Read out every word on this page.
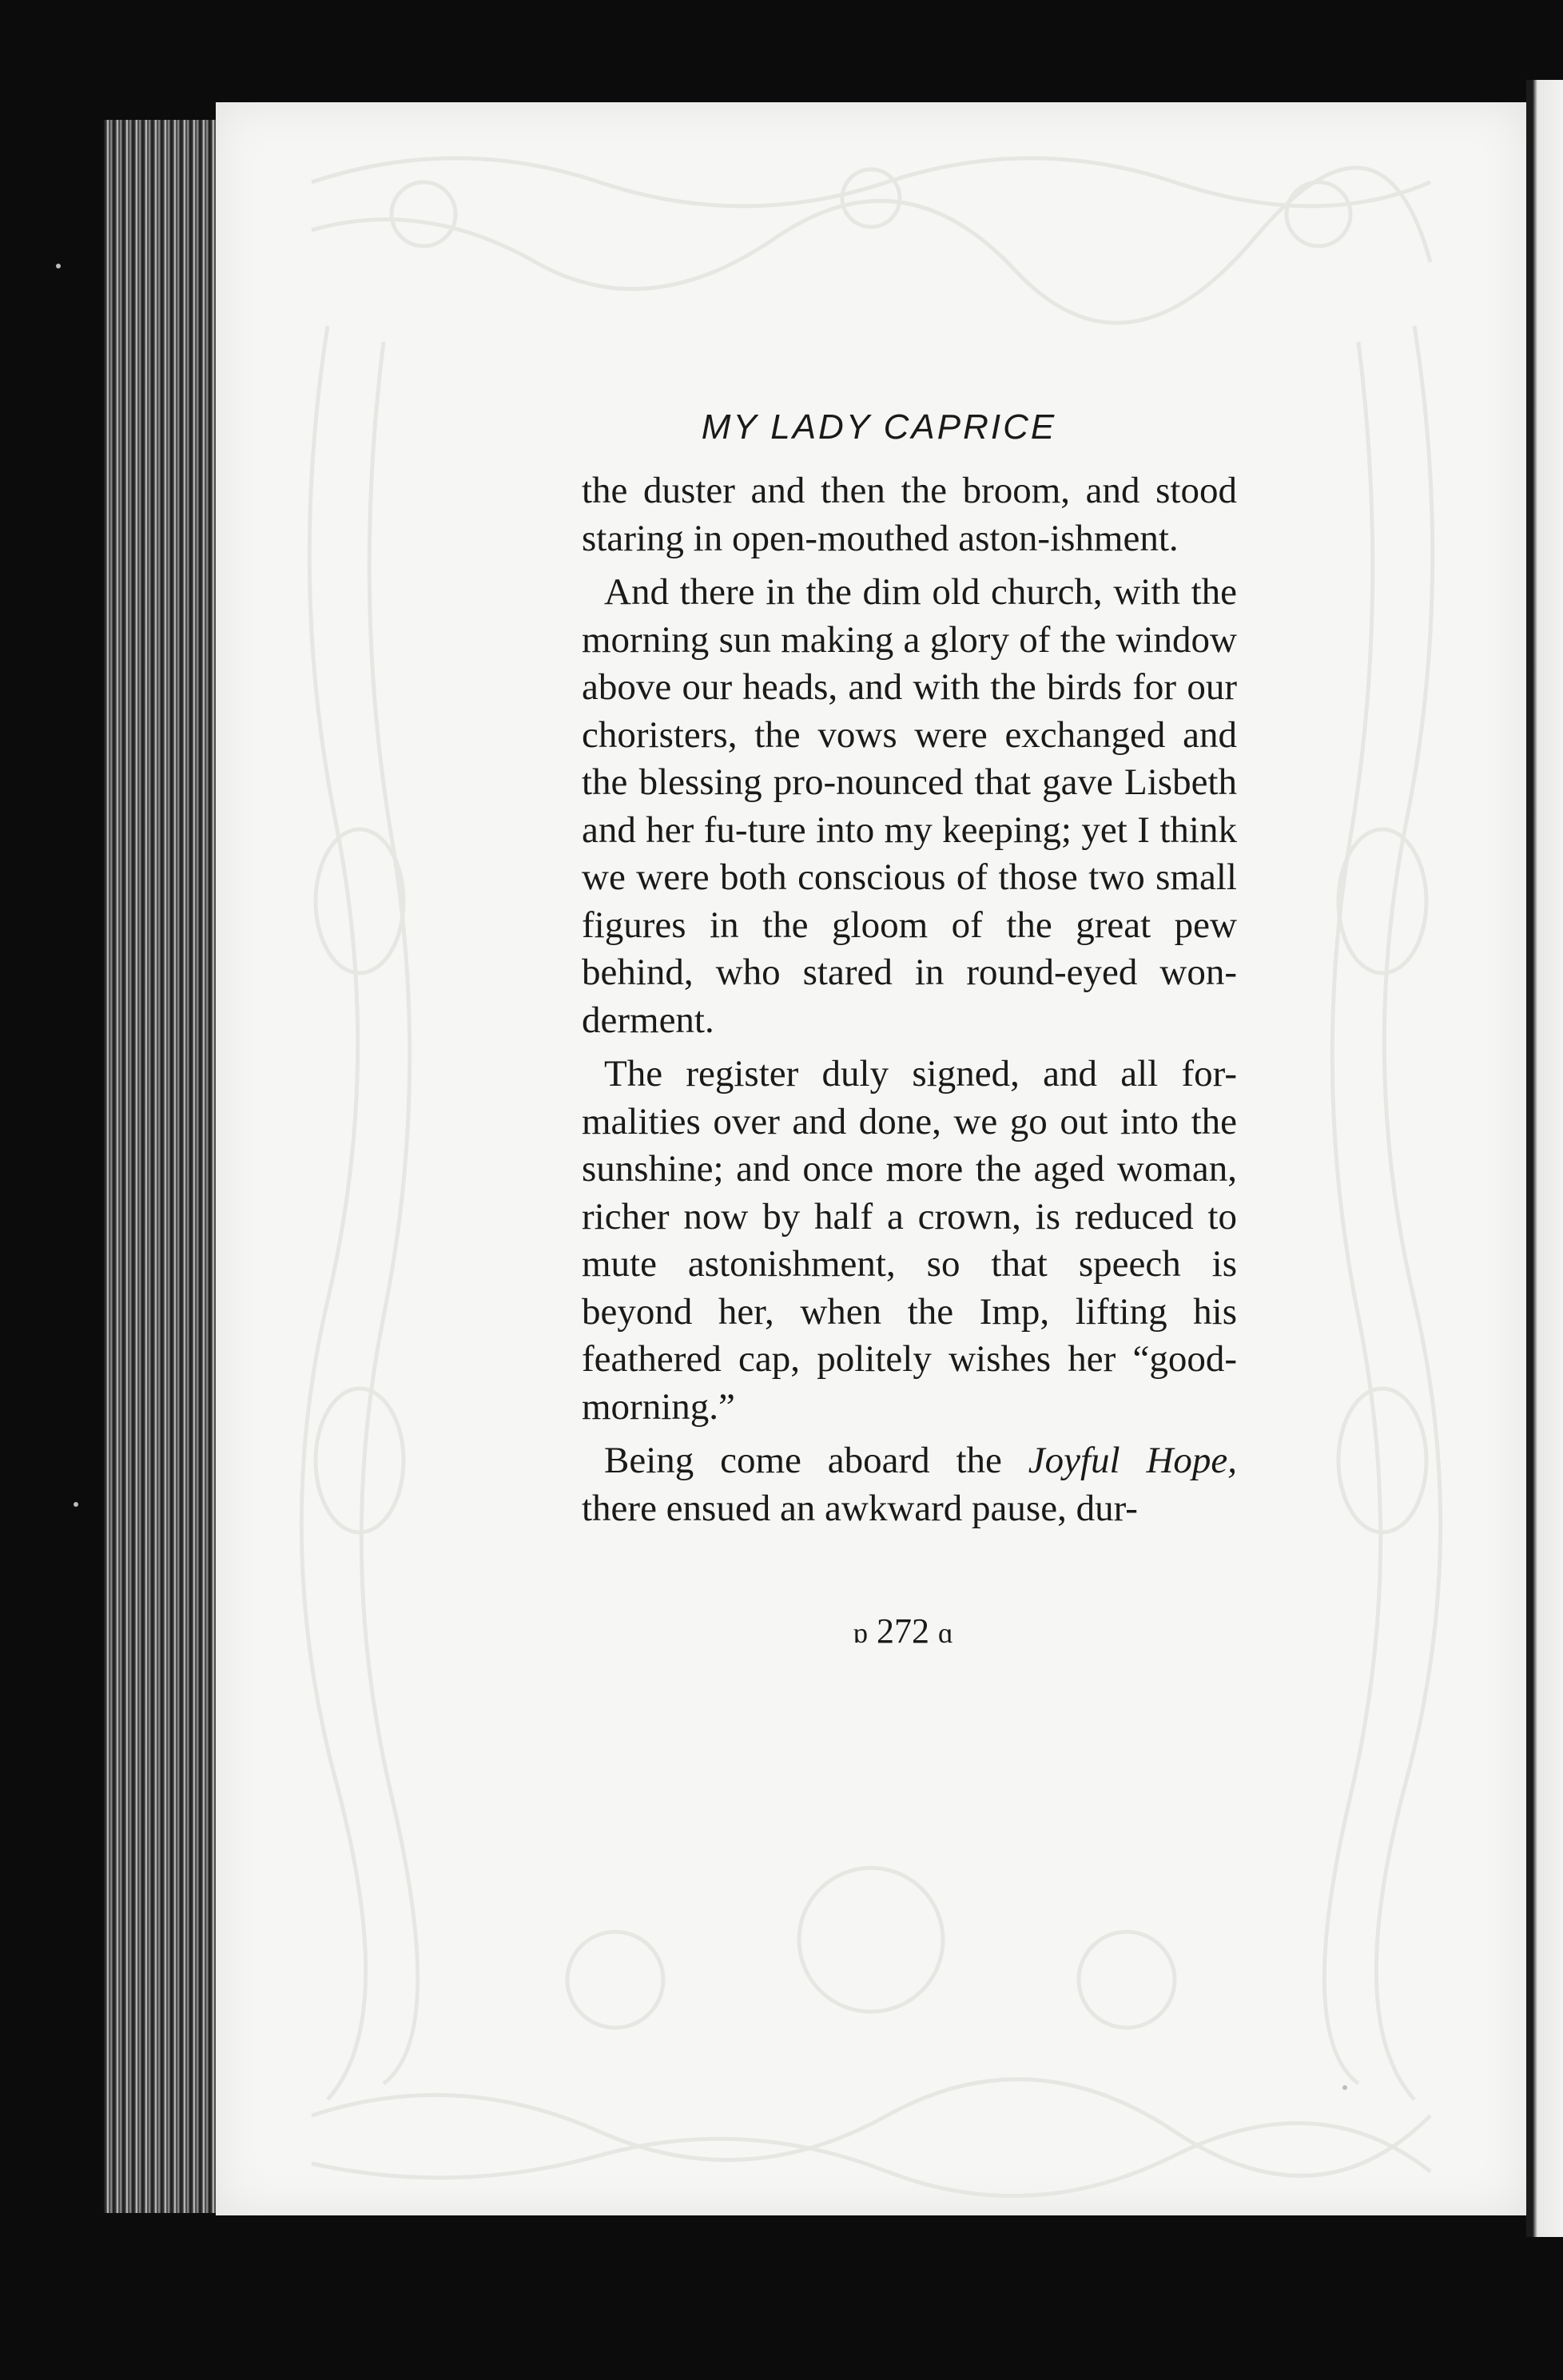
MY LADY CAPRICE

the duster and then the broom, and stood staring in open-mouthed aston-ishment.

And there in the dim old church, with the morning sun making a glory of the window above our heads, and with the birds for our choristers, the vows were exchanged and the blessing pro-nounced that gave Lisbeth and her fu-ture into my keeping; yet I think we were both conscious of those two small figures in the gloom of the great pew behind, who stared in round-eyed won-derment.

The register duly signed, and all for-malities over and done, we go out into the sunshine; and once more the aged woman, richer now by half a crown, is reduced to mute astonishment, so that speech is beyond her, when the Imp, lifting his feathered cap, politely wishes her “good-morning.”

Being come aboard the Joyful Hope, there ensued an awkward pause, dur-

ɒ 272 ɑ
